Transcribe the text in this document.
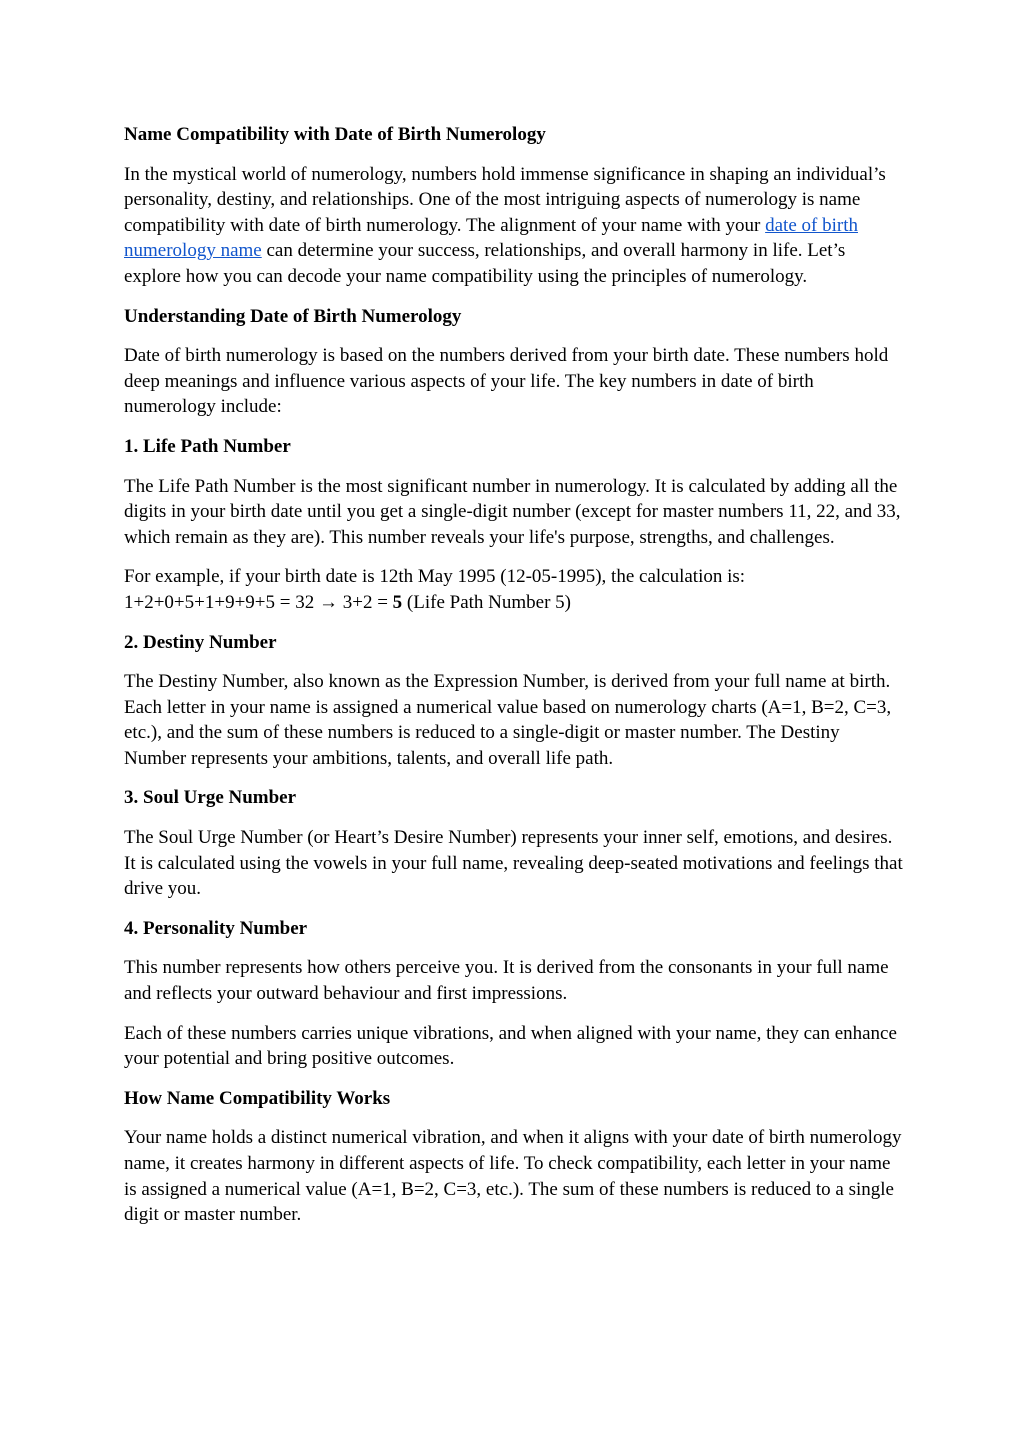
Name Compatibility with Date of Birth Numerology

In the mystical world of numerology, numbers hold immense significance in shaping an individual’s personality, destiny, and relationships. One of the most intriguing aspects of numerology is name compatibility with date of birth numerology. The alignment of your name with your date of birth numerology name can determine your success, relationships, and overall harmony in life. Let’s explore how you can decode your name compatibility using the principles of numerology.

Understanding Date of Birth Numerology

Date of birth numerology is based on the numbers derived from your birth date. These numbers hold deep meanings and influence various aspects of your life. The key numbers in date of birth numerology include:

1. Life Path Number

The Life Path Number is the most significant number in numerology. It is calculated by adding all the digits in your birth date until you get a single-digit number (except for master numbers 11, 22, and 33, which remain as they are). This number reveals your life's purpose, strengths, and challenges.

For example, if your birth date is 12th May 1995 (12-05-1995), the calculation is:
1+2+0+5+1+9+9+5 = 32 → 3+2 = 5 (Life Path Number 5)

2. Destiny Number

The Destiny Number, also known as the Expression Number, is derived from your full name at birth. Each letter in your name is assigned a numerical value based on numerology charts (A=1, B=2, C=3, etc.), and the sum of these numbers is reduced to a single-digit or master number. The Destiny Number represents your ambitions, talents, and overall life path.

3. Soul Urge Number

The Soul Urge Number (or Heart’s Desire Number) represents your inner self, emotions, and desires. It is calculated using the vowels in your full name, revealing deep-seated motivations and feelings that drive you.

4. Personality Number

This number represents how others perceive you. It is derived from the consonants in your full name and reflects your outward behaviour and first impressions.

Each of these numbers carries unique vibrations, and when aligned with your name, they can enhance your potential and bring positive outcomes.

How Name Compatibility Works

Your name holds a distinct numerical vibration, and when it aligns with your date of birth numerology name, it creates harmony in different aspects of life. To check compatibility, each letter in your name is assigned a numerical value (A=1, B=2, C=3, etc.). The sum of these numbers is reduced to a single digit or master number.
